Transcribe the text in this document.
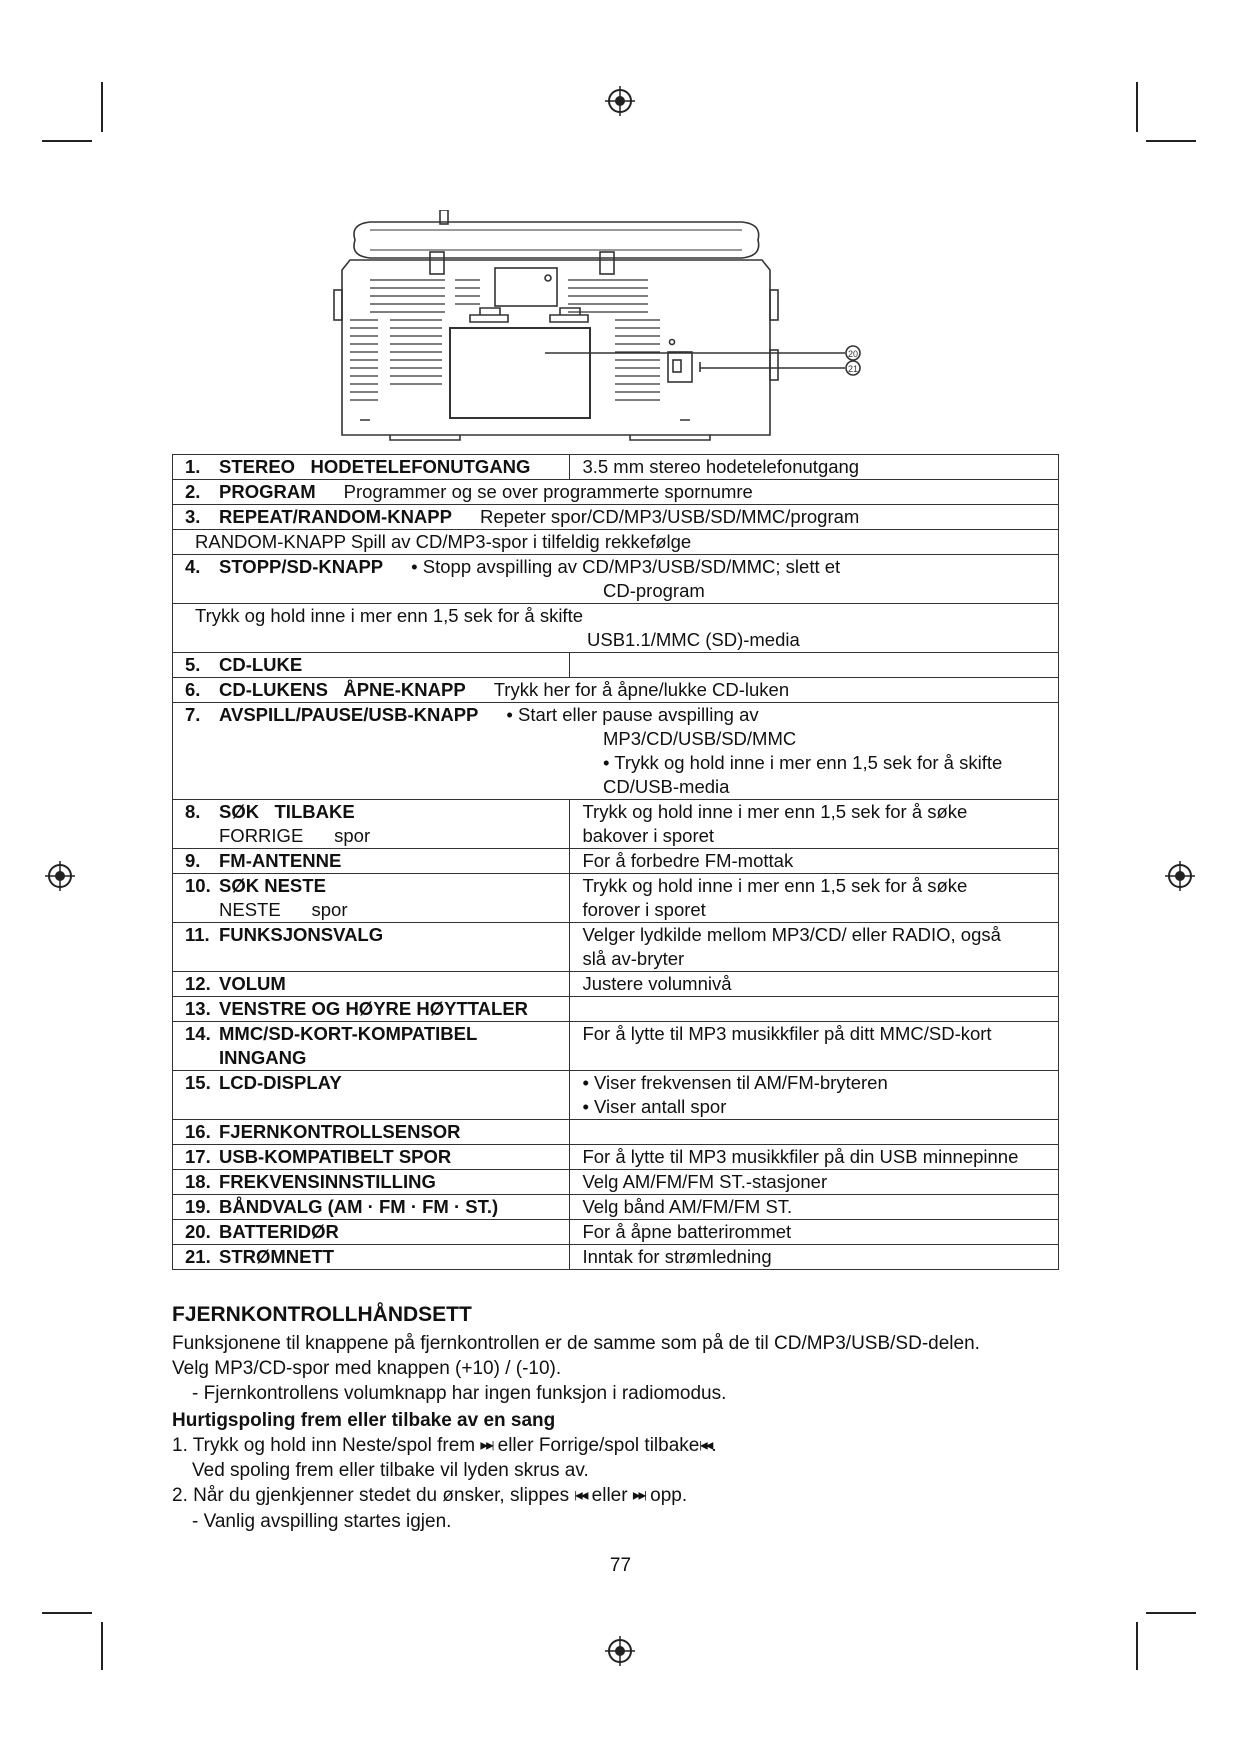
20
21
1. STEREO   HODETELEFONUTGANG	3.5 mm stereo hodetelefonutgang

2. PROGRAM Programmer og se over programmerte spornumre	

3. REPEAT/RANDOM-KNAPP Repeter spor/CD/MP3/USB/SD/MMC/program	

RANDOM-KNAPP Spill av CD/MP3-spor i tilfeldig rekkefølge	

4. STOPP/SD-KNAPP • Stopp avspilling av CD/MP3/USB/SD/MMC; slett et
CD-program	

Trykk og hold inne i mer enn 1,5 sek for å skifte
USB1.1/MMC (SD)-media	

5. CD-LUKE	

6. CD-LUKENS   ÅPNE-KNAPP Trykk her for å åpne/lukke CD-luken	

7. AVSPILL/PAUSE/USB-KNAPP • Start eller pause avspilling av
MP3/CD/USB/SD/MMC
• Trykk og hold inne i mer enn 1,5 sek for å skifte
CD/USB-media	

8. SØK   TILBAKE
FORRIGE      spor	Trykk og hold inne i mer enn 1,5 sek for å søke
bakover i sporet

9. FM-ANTENNE	For å forbedre FM-mottak

10. SØK NESTE
NESTE      spor	Trykk og hold inne i mer enn 1,5 sek for å søke
forover i sporet

11. FUNKSJONSVALG	Velger lydkilde mellom MP3/CD/ eller RADIO, også
slå av-bryter

12. VOLUM	Justere volumnivå

13. VENSTRE OG HØYRE HØYTTALER	

14. MMC/SD-KORT-KOMPATIBEL
INNGANG	For å lytte til MP3 musikkfiler på ditt MMC/SD-kort

15. LCD-DISPLAY	• Viser frekvensen til AM/FM-bryteren
• Viser antall spor

16. FJERNKONTROLLSENSOR	

17. USB-KOMPATIBELT SPOR	For å lytte til MP3 musikkfiler på din USB minnepinne

18. FREKVENSINNSTILLING	Velg AM/FM/FM ST.-stasjoner

19. BÅNDVALG (AM · FM · FM · ST.)	Velg bånd AM/FM/FM ST.

20. BATTERIDØR	For å åpne batterirommet

21. STRØMNETT	Inntak for strømledning
FJERNKONTROLLHÅNDSETT

Funksjonene til knappene på fjernkontrollen er de samme som på de til CD/MP3/USB/SD-delen.

Velg MP3/CD-spor med knappen (+10) / (-10).

- Fjernkontrollens volumknapp har ingen funksjon i radiomodus.

Hurtigspoling frem eller tilbake av en sang

1. Trykk og hold inn Neste/spol frem ▶▶| eller Forrige/spol tilbake|◀◀.

Ved spoling frem eller tilbake vil lyden skrus av.

2. Når du gjenkjenner stedet du ønsker, slippes |◀◀ eller ▶▶| opp.

- Vanlig avspilling startes igjen.

77
